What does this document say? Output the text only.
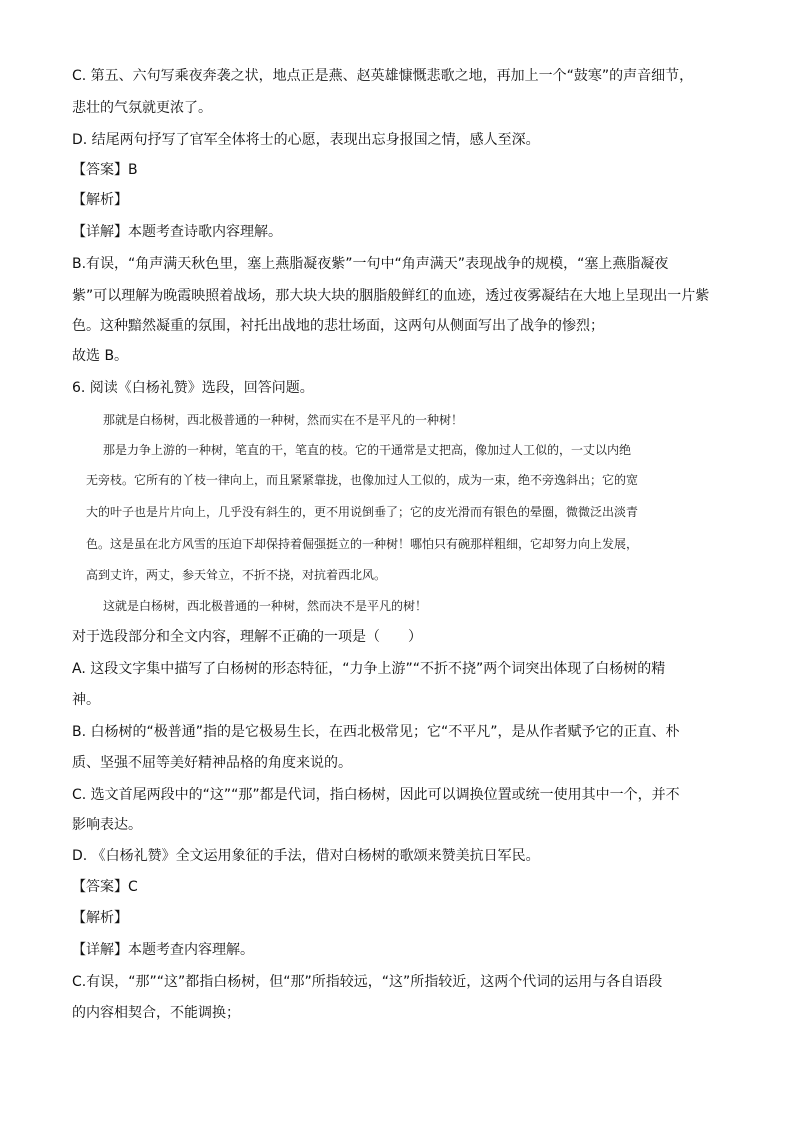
C. 第五、六句写乘夜奔袭之状，地点正是燕、赵英雄慷慨悲歌之地，再加上一个“鼓寒”的声音细节，
悲壮的气氛就更浓了。
D. 结尾两句抒写了官军全体将士的心愿，表现出忘身报国之情，感人至深。
【答案】B
【解析】
【详解】本题考查诗歌内容理解。
B.有误，“角声满天秋色里，塞上燕脂凝夜紫”一句中“角声满天”表现战争的规模，“塞上燕脂凝夜
紫”可以理解为晚霞映照着战场，那大块大块的胭脂般鲜红的血迹，透过夜雾凝结在大地上呈现出一片紫
色。这种黯然凝重的氛围，衬托出战地的悲壮场面，这两句从侧面写出了战争的惨烈；
故选 B。
6. 阅读《白杨礼赞》选段，回答问题。
那就是白杨树，西北极普通的一种树，然而实在不是平凡的一种树！
那是力争上游的一种树，笔直的干，笔直的枝。它的干通常是丈把高，像加过人工似的，一丈以内绝
无旁枝。它所有的丫枝一律向上，而且紧紧靠拢，也像加过人工似的，成为一束，绝不旁逸斜出；它的宽
大的叶子也是片片向上，几乎没有斜生的，更不用说倒垂了；它的皮光滑而有银色的晕圈，微微泛出淡青
色。这是虽在北方风雪的压迫下却保持着倔强挺立的一种树！哪怕只有碗那样粗细，它却努力向上发展，
高到丈许，两丈，参天耸立，不折不挠，对抗着西北风。
这就是白杨树，西北极普通的一种树，然而决不是平凡的树！
对于选段部分和全文内容，理解不正确的一项是（　　）
A. 这段文字集中描写了白杨树的形态特征，“力争上游”“不折不挠”两个词突出体现了白杨树的精
神。
B. 白杨树的“极普通”指的是它极易生长，在西北极常见；它“不平凡”，是从作者赋予它的正直、朴
质、坚强不屈等美好精神品格的角度来说的。
C. 选文首尾两段中的“这”“那”都是代词，指白杨树，因此可以调换位置或统一使用其中一个，并不
影响表达。
D. 《白杨礼赞》全文运用象征的手法，借对白杨树的歌颂来赞美抗日军民。
【答案】C
【解析】
【详解】本题考查内容理解。
C.有误，“那”“这”都指白杨树，但“那”所指较远，“这”所指较近，这两个代词的运用与各自语段
的内容相契合，不能调换；
